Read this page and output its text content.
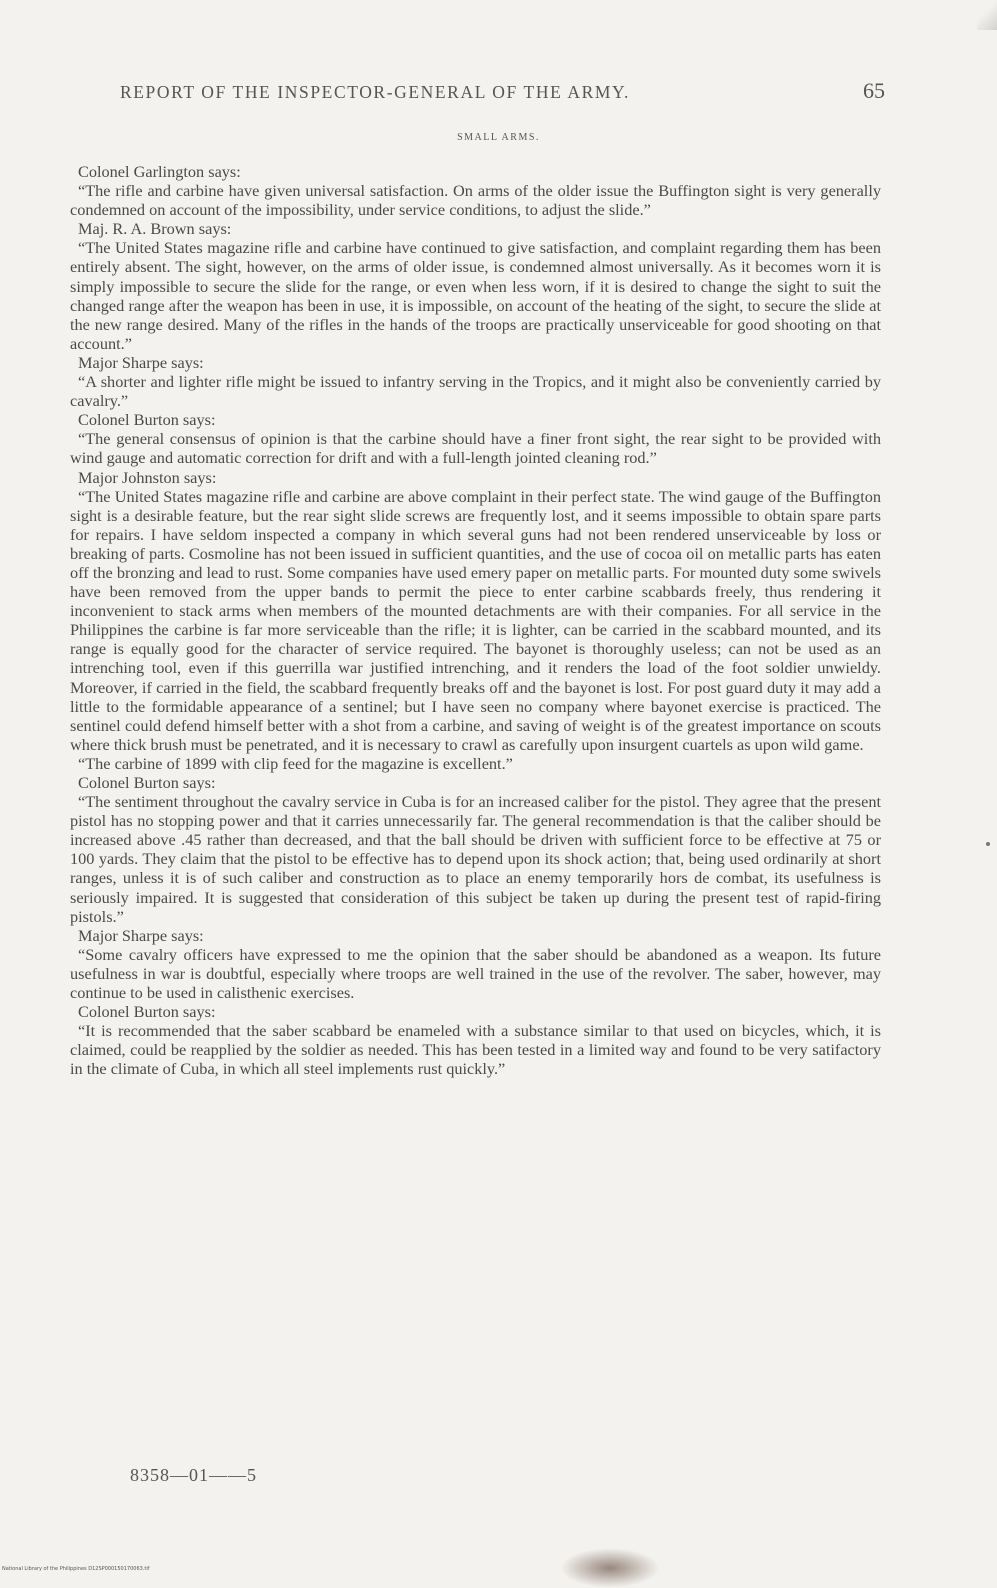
REPORT OF THE INSPECTOR-GENERAL OF THE ARMY.	65
SMALL ARMS.

Colonel Garlington says:

“The rifle and carbine have given universal satisfaction. On arms of the older issue the Buffington sight is very generally condemned on account of the impossibility, under service conditions, to adjust the slide.”

Maj. R. A. Brown says:

“The United States magazine rifle and carbine have continued to give satisfaction, and complaint regarding them has been entirely absent. The sight, however, on the arms of older issue, is condemned almost universally. As it becomes worn it is simply impossible to secure the slide for the range, or even when less worn, if it is desired to change the sight to suit the changed range after the weapon has been in use, it is impossible, on account of the heating of the sight, to secure the slide at the new range desired. Many of the rifles in the hands of the troops are practically unserviceable for good shooting on that account.”

Major Sharpe says:

“A shorter and lighter rifle might be issued to infantry serving in the Tropics, and it might also be conveniently carried by cavalry.”

Colonel Burton says:

“The general consensus of opinion is that the carbine should have a finer front sight, the rear sight to be provided with wind gauge and automatic correction for drift and with a full-length jointed cleaning rod.”

Major Johnston says:

“The United States magazine rifle and carbine are above complaint in their perfect state. The wind gauge of the Buffington sight is a desirable feature, but the rear sight slide screws are frequently lost, and it seems impossible to obtain spare parts for repairs. I have seldom inspected a company in which several guns had not been rendered unserviceable by loss or breaking of parts. Cosmoline has not been issued in sufficient quantities, and the use of cocoa oil on metallic parts has eaten off the bronzing and lead to rust. Some companies have used emery paper on metallic parts. For mounted duty some swivels have been removed from the upper bands to permit the piece to enter carbine scabbards freely, thus rendering it inconvenient to stack arms when members of the mounted detachments are with their companies. For all service in the Philippines the carbine is far more serviceable than the rifle; it is lighter, can be carried in the scabbard mounted, and its range is equally good for the character of service required. The bayonet is thoroughly useless; can not be used as an intrenching tool, even if this guerrilla war justified intrenching, and it renders the load of the foot soldier unwieldy. Moreover, if carried in the field, the scabbard frequently breaks off and the bayonet is lost. For post guard duty it may add a little to the formidable appearance of a sentinel; but I have seen no company where bayonet exercise is practiced. The sentinel could defend himself better with a shot from a carbine, and saving of weight is of the greatest importance on scouts where thick brush must be penetrated, and it is necessary to crawl as carefully upon insurgent cuartels as upon wild game.

“The carbine of 1899 with clip feed for the magazine is excellent.”

Colonel Burton says:

“The sentiment throughout the cavalry service in Cuba is for an increased caliber for the pistol. They agree that the present pistol has no stopping power and that it carries unnecessarily far. The general recommendation is that the caliber should be increased above .45 rather than decreased, and that the ball should be driven with sufficient force to be effective at 75 or 100 yards. They claim that the pistol to be effective has to depend upon its shock action; that, being used ordinarily at short ranges, unless it is of such caliber and construction as to place an enemy temporarily hors de combat, its usefulness is seriously impaired. It is suggested that consideration of this subject be taken up during the present test of rapid-firing pistols.”

Major Sharpe says:

“Some cavalry officers have expressed to me the opinion that the saber should be abandoned as a weapon. Its future usefulness in war is doubtful, especially where troops are well trained in the use of the revolver. The saber, however, may continue to be used in calisthenic exercises.

Colonel Burton says:

“It is recommended that the saber scabbard be enameled with a substance similar to that used on bicycles, which, it is claimed, could be reapplied by the soldier as needed. This has been tested in a limited way and found to be very satifactory in the climate of Cuba, in which all steel implements rust quickly.”

8358—01——5
National Library of the Philippines D12SP000150170063.tif
